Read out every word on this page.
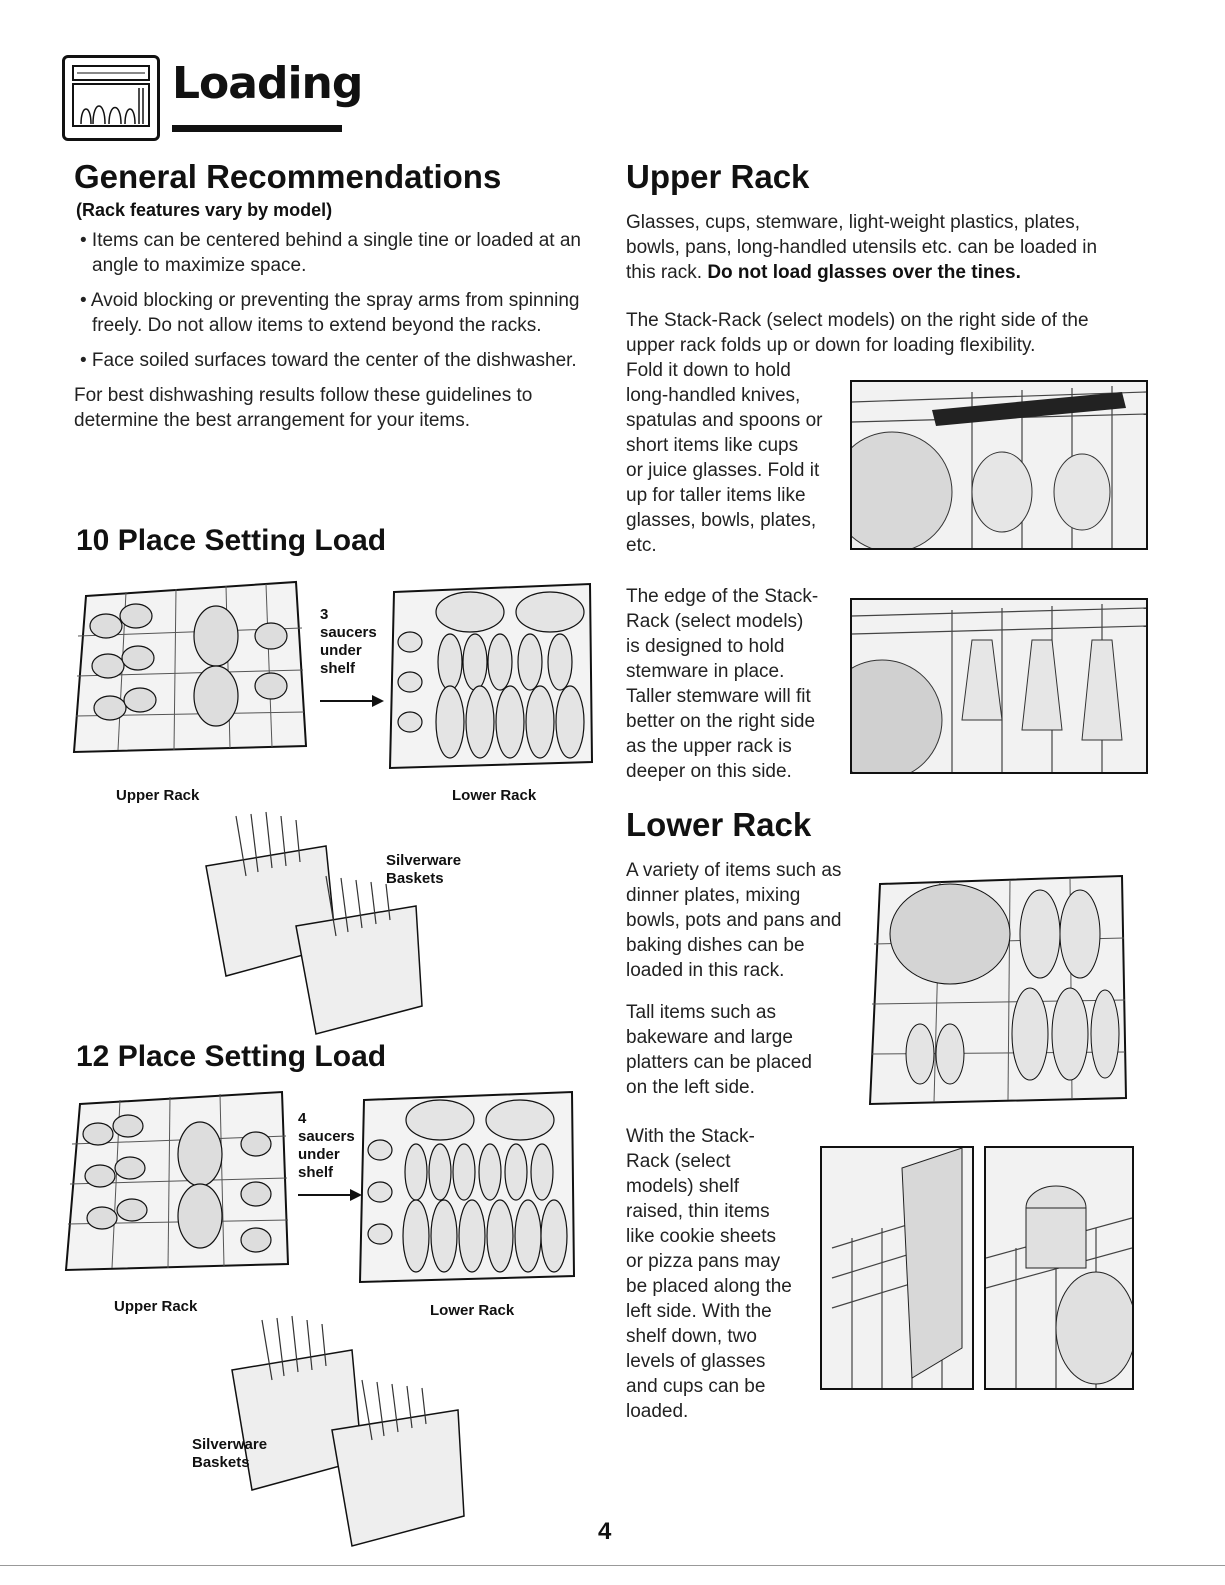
Loading
General Recommendations
(Rack features vary by model)

• Items can be centered behind a single tine or loaded at an angle to maximize space.

• Avoid blocking or preventing the spray arms from spinning freely. Do not allow items to extend beyond the racks.

• Face soiled surfaces toward the center of the dishwasher.

For best dishwashing results follow these guidelines to determine the best arrangement for your items.

10 Place Setting Load
3
saucers
under
shelf
Upper Rack	Lower Rack
Silverware
Baskets
12 Place Setting Load
4
saucers
under
shelf
Upper Rack	Lower Rack
Silverware
Baskets
Upper Rack
Glasses, cups, stemware, light-weight plastics, plates, bowls, pans, long-handled utensils etc. can be loaded in this rack. Do not load glasses over the tines.
The Stack-Rack (select models) on the right side of the upper rack folds up or down for loading flexibility.
Fold it down to hold
long-handled knives,
spatulas and spoons or
short items like cups
or juice glasses. Fold it
up for taller items like
glasses, bowls, plates,
etc.
The edge of the Stack-
Rack (select models)
is designed to hold
stemware in place.
Taller stemware will fit
better on the right side
as the upper rack is
deeper on this side.
Lower Rack
A variety of items such as
dinner plates, mixing
bowls, pots and pans and
baking dishes can be
loaded in this rack.
Tall items such as
bakeware and large
platters can be placed
on the left side.
With the Stack-
Rack (select
models) shelf
raised, thin items
like cookie sheets
or pizza pans may
be placed along the
left side. With the
shelf down, two
levels of glasses
and cups can be
loaded.
4
